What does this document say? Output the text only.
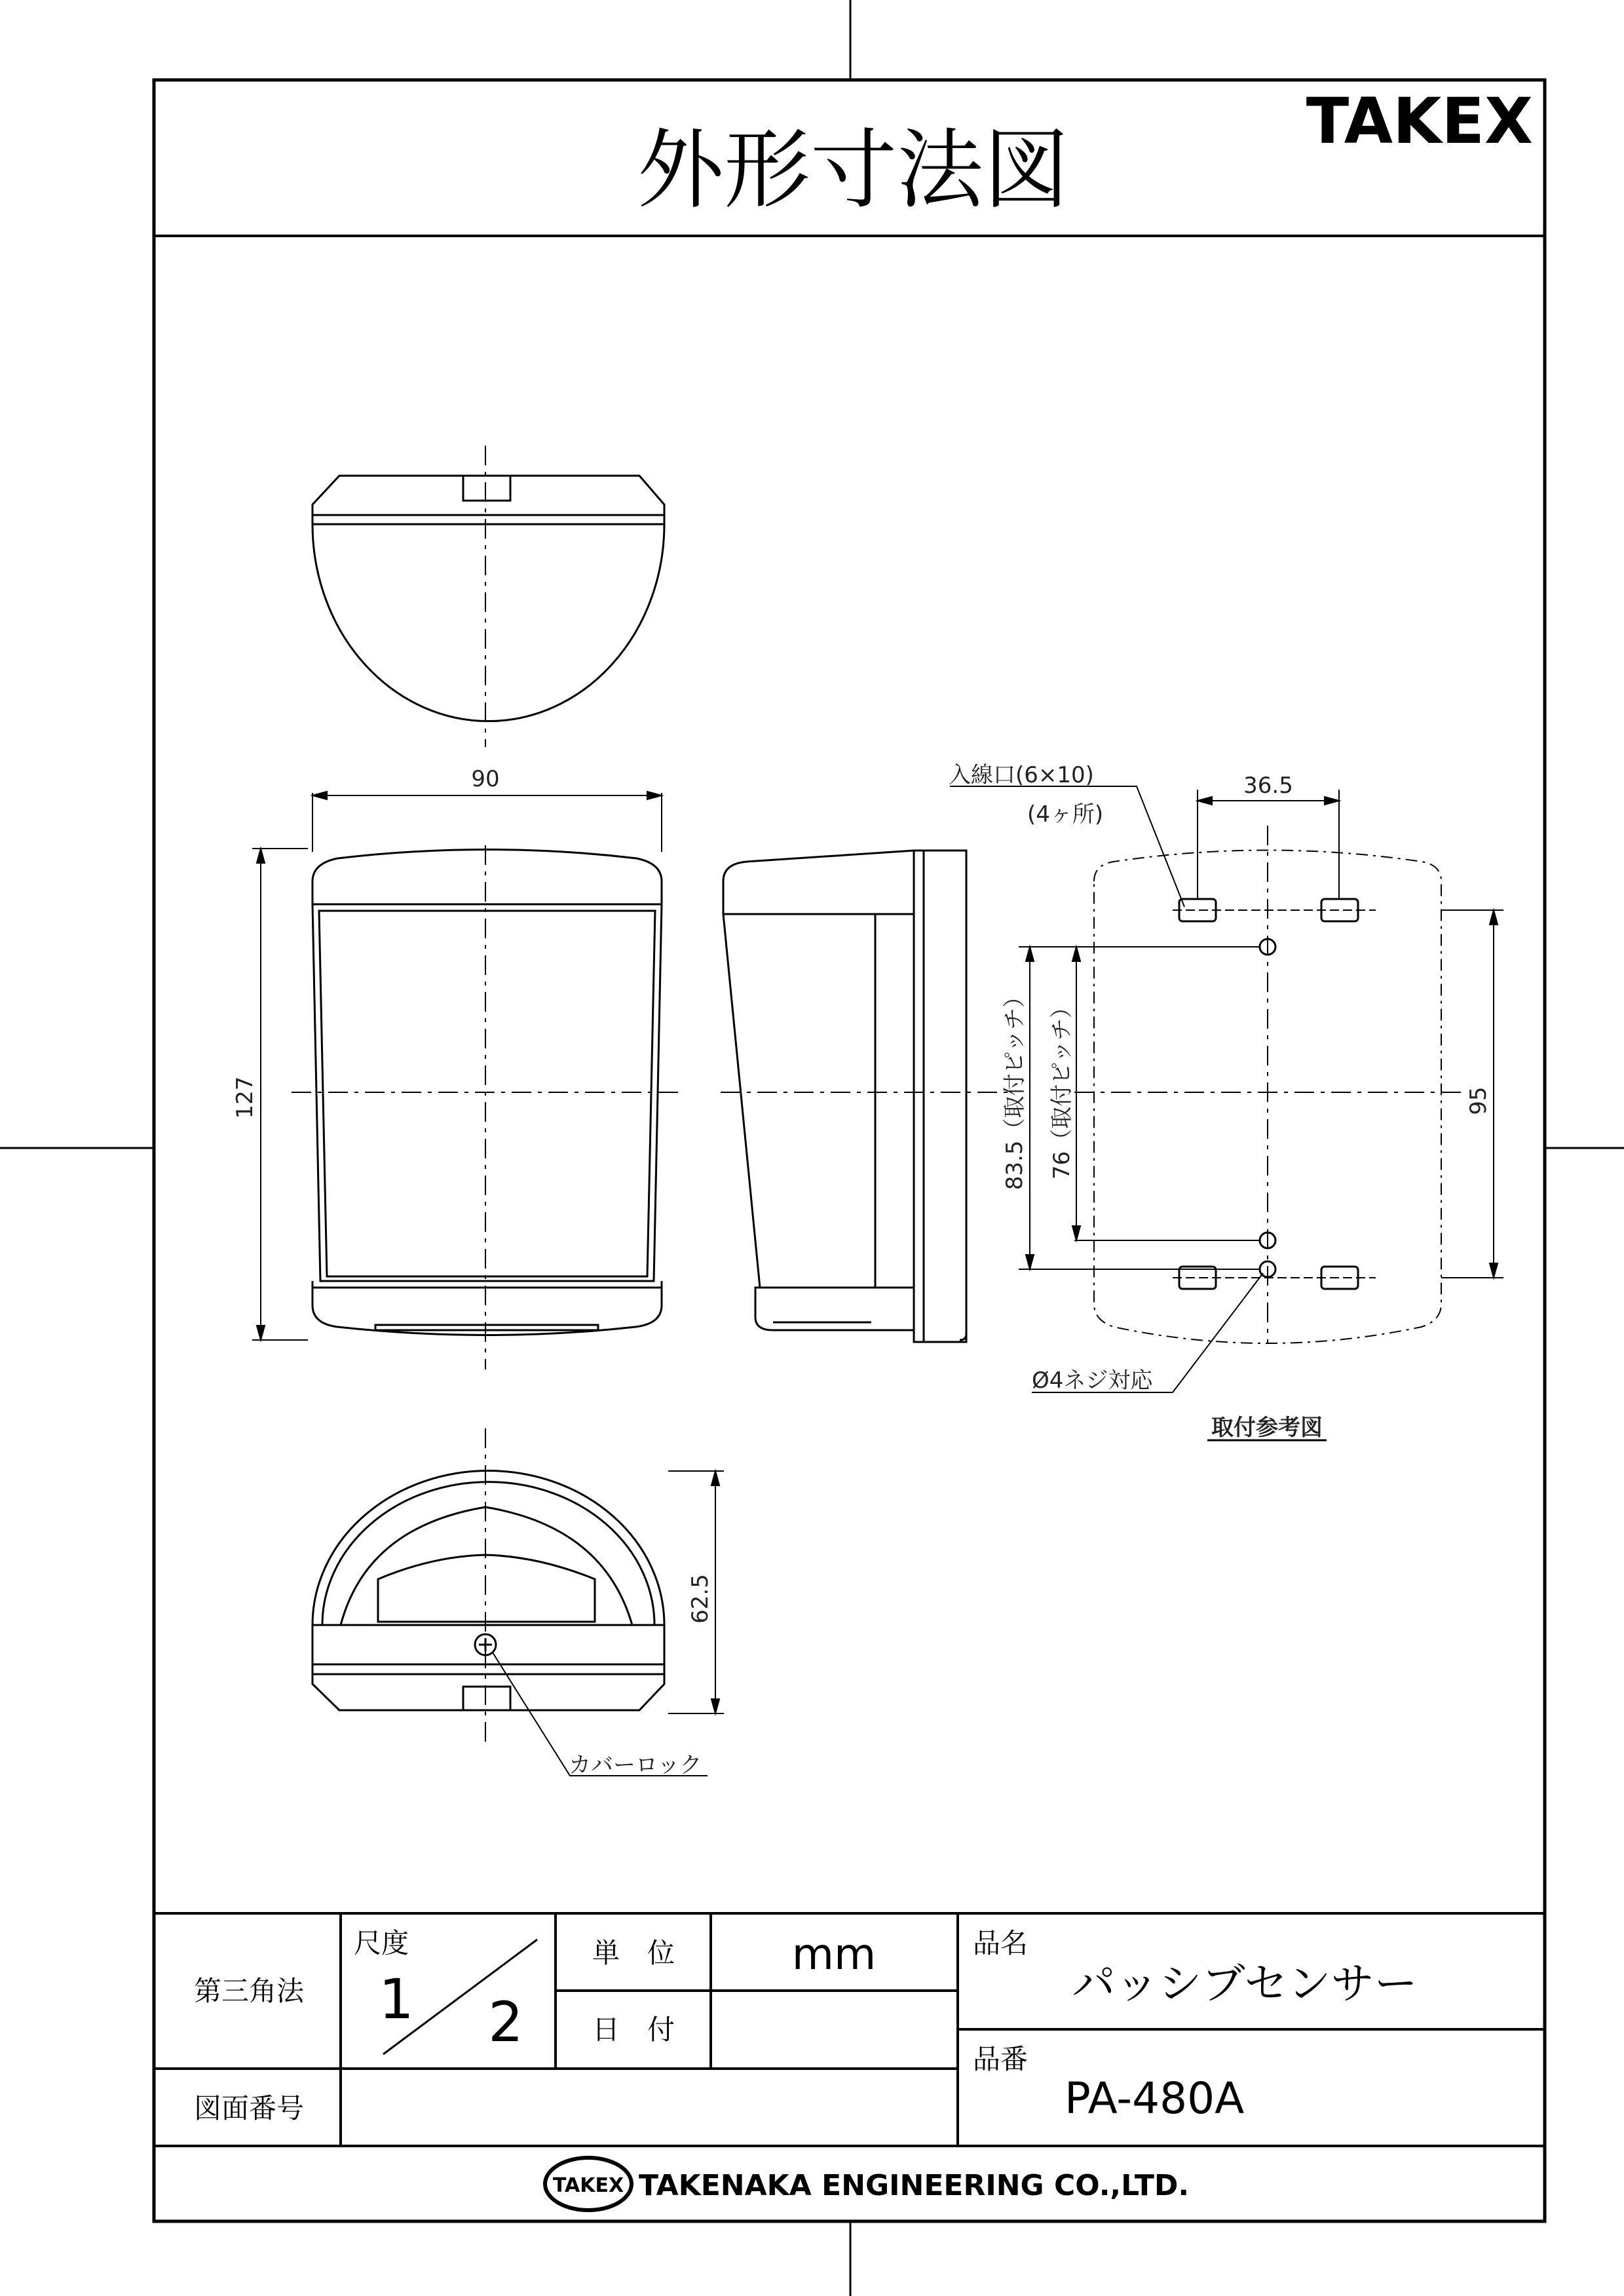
外形寸法図	TAKEX
90
127
62.5
カバーロック
36.5
95
83.5（取付ピッチ） 76（取付ピッチ）
入線口(6×10)
(4ヶ所)
Ø4ネジ対応
取付参考図
第三角法
尺度
1 2
単　位	mm
日　付
図面番号
品名
パッシブセンサー
品番
PA-480A
TAKEX TAKENAKA ENGINEERING CO.,LTD.
